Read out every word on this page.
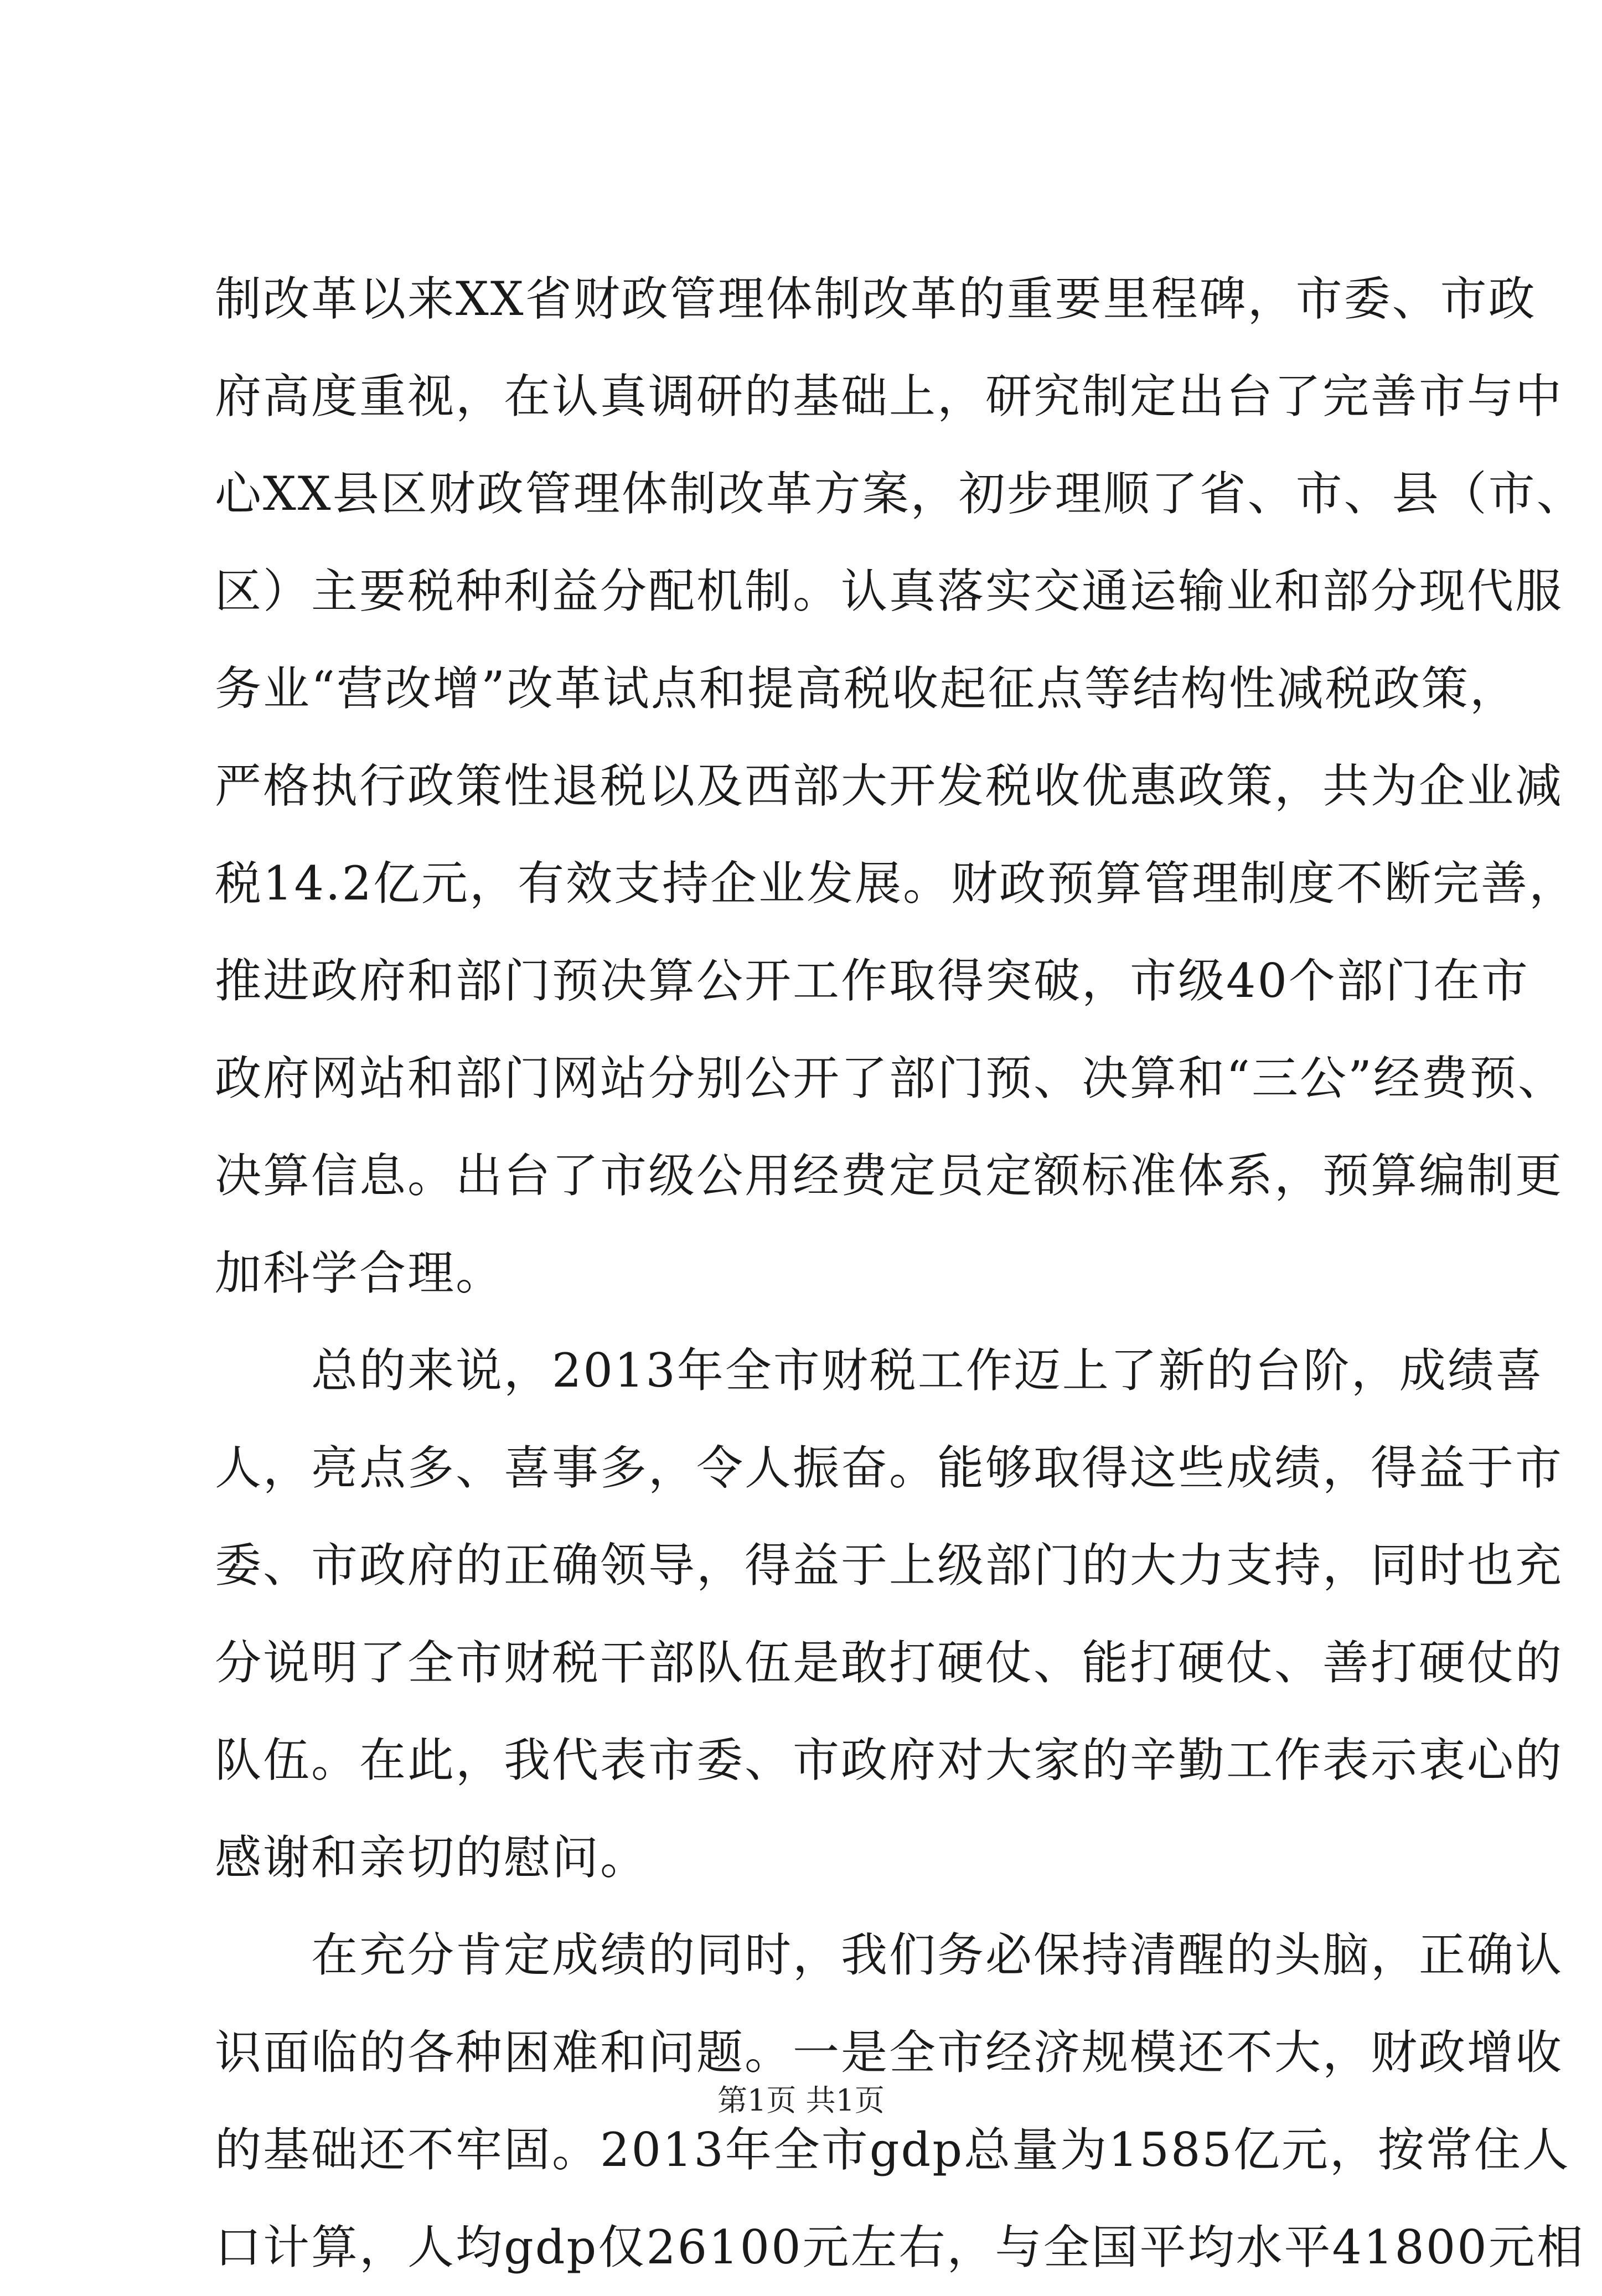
制改革以来XX省财政管理体制改革的重要里程碑，市委、市政
府高度重视，在认真调研的基础上，研究制定出台了完善市与中
心XX县区财政管理体制改革方案，初步理顺了省、市、县（市、
区）主要税种利益分配机制。认真落实交通运输业和部分现代服
务业“营改增”改革试点和提高税收起征点等结构性减税政策，
严格执行政策性退税以及西部大开发税收优惠政策，共为企业减
税14.2亿元，有效支持企业发展。财政预算管理制度不断完善，
推进政府和部门预决算公开工作取得突破，市级40个部门在市
政府网站和部门网站分别公开了部门预、决算和“三公”经费预、
决算信息。出台了市级公用经费定员定额标准体系，预算编制更
加科学合理。
　　总的来说，2013年全市财税工作迈上了新的台阶，成绩喜
人，亮点多、喜事多，令人振奋。能够取得这些成绩，得益于市
委、市政府的正确领导，得益于上级部门的大力支持，同时也充
分说明了全市财税干部队伍是敢打硬仗、能打硬仗、善打硬仗的
队伍。在此，我代表市委、市政府对大家的辛勤工作表示衷心的
感谢和亲切的慰问。
　　在充分肯定成绩的同时，我们务必保持清醒的头脑，正确认
识面临的各种困难和问题。一是全市经济规模还不大，财政增收
的基础还不牢固。2013年全市gdp总量为1585亿元，按常住人
口计算，人均gdp仅26100元左右，与全国平均水平41800元相
第1页 共1页
